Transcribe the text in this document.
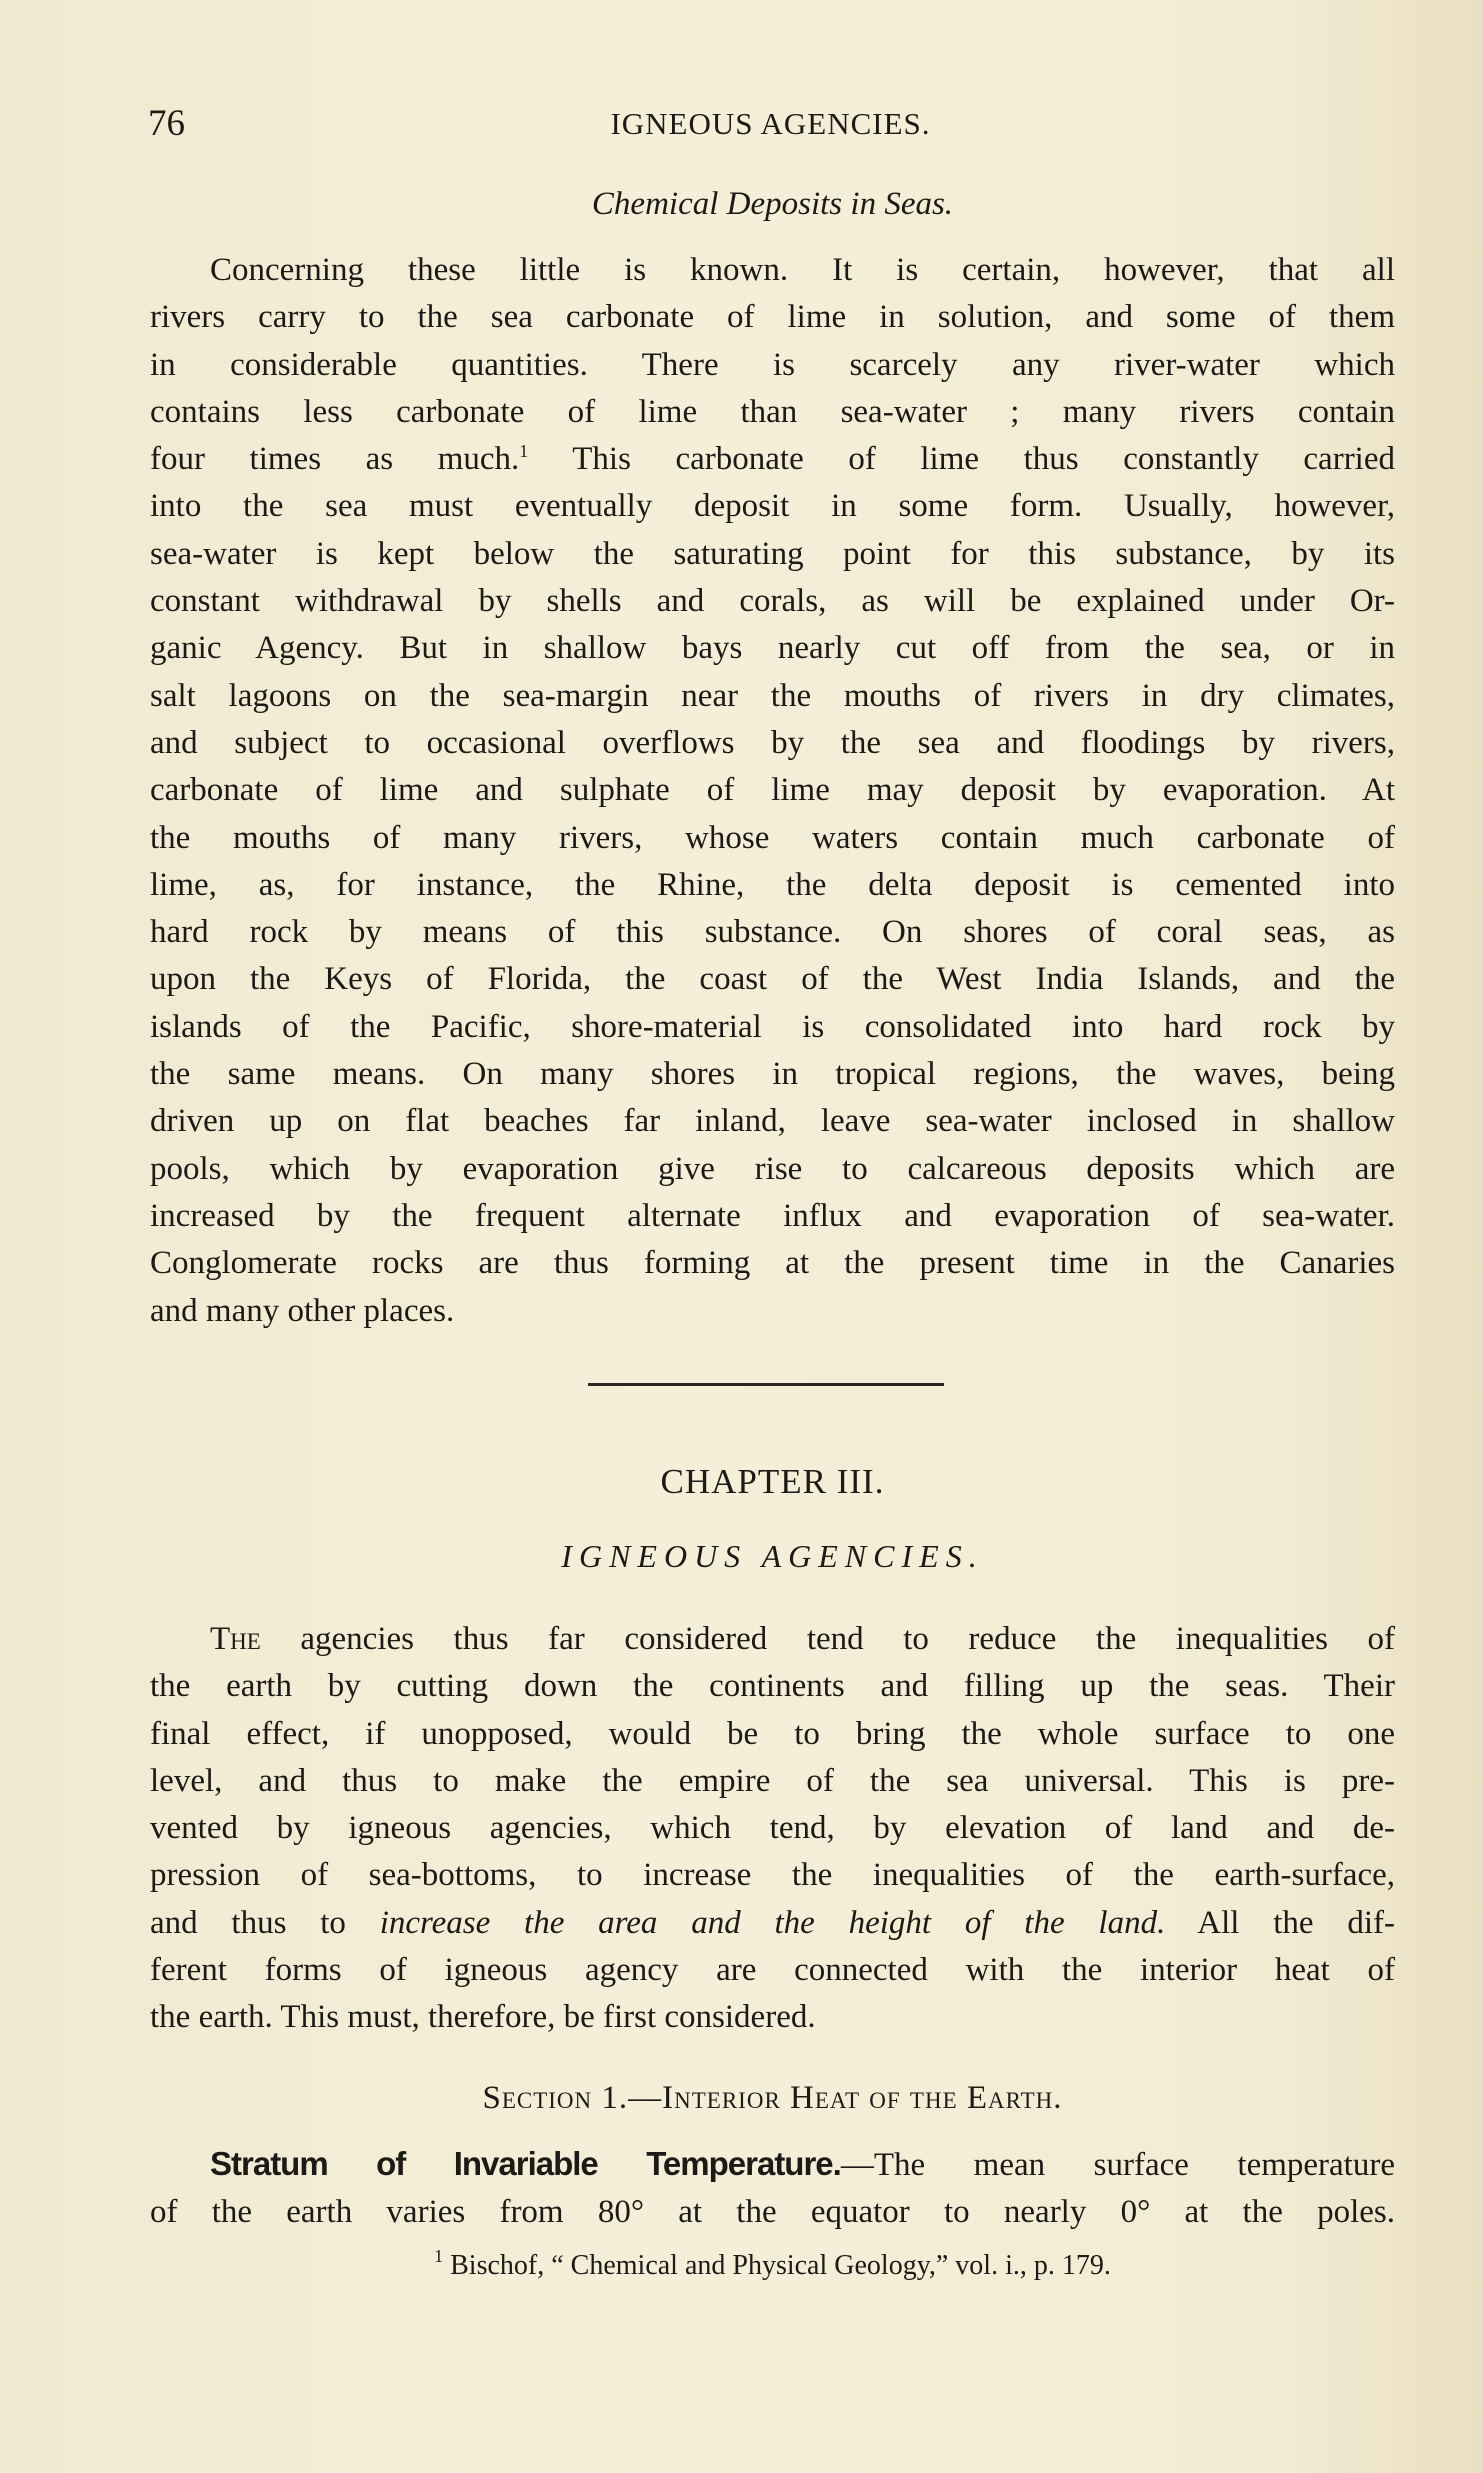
76	IGNEOUS AGENCIES.
Chemical Deposits in Seas.

Concerning these little is known. It is certain, however, that all

rivers carry to the sea carbonate of lime in solution, and some of them

in considerable quantities. There is scarcely any river-water which

contains less carbonate of lime than sea-water ; many rivers contain

four times as much.$^1$ This carbonate of lime thus constantly carried

into the sea must eventually deposit in some form. Usually, however,

sea-water is kept below the saturating point for this substance, by its

constant withdrawal by shells and corals, as will be explained under Or-

ganic Agency. But in shallow bays nearly cut off from the sea, or in

salt lagoons on the sea-margin near the mouths of rivers in dry climates,

and subject to occasional overflows by the sea and floodings by rivers,

carbonate of lime and sulphate of lime may deposit by evaporation. At

the mouths of many rivers, whose waters contain much carbonate of

lime, as, for instance, the Rhine, the delta deposit is cemented into

hard rock by means of this substance. On shores of coral seas, as

upon the Keys of Florida, the coast of the West India Islands, and the

islands of the Pacific, shore-material is consolidated into hard rock by

the same means. On many shores in tropical regions, the waves, being

driven up on flat beaches far inland, leave sea-water inclosed in shallow

pools, which by evaporation give rise to calcareous deposits which are

increased by the frequent alternate influx and evaporation of sea-water.

Conglomerate rocks are thus forming at the present time in the Canaries

and many other places.

CHAPTER III.
IGNEOUS AGENCIES.

The agencies thus far considered tend to reduce the inequalities of

the earth by cutting down the continents and filling up the seas. Their

final effect, if unopposed, would be to bring the whole surface to one

level, and thus to make the empire of the sea universal. This is pre-

vented by igneous agencies, which tend, by elevation of land and de-

pression of sea-bottoms, to increase the inequalities of the earth-surface,

and thus to increase the area and the height of the land. All the dif-

ferent forms of igneous agency are connected with the interior heat of

the earth. This must, therefore, be first considered.

Section 1.—Interior Heat of the Earth.

Stratum of Invariable Temperature.—The mean surface temperature

of the earth varies from 80° at the equator to nearly 0° at the poles.

$^1$ Bischof, “ Chemical and Physical Geology,” vol. i., p. 179.
